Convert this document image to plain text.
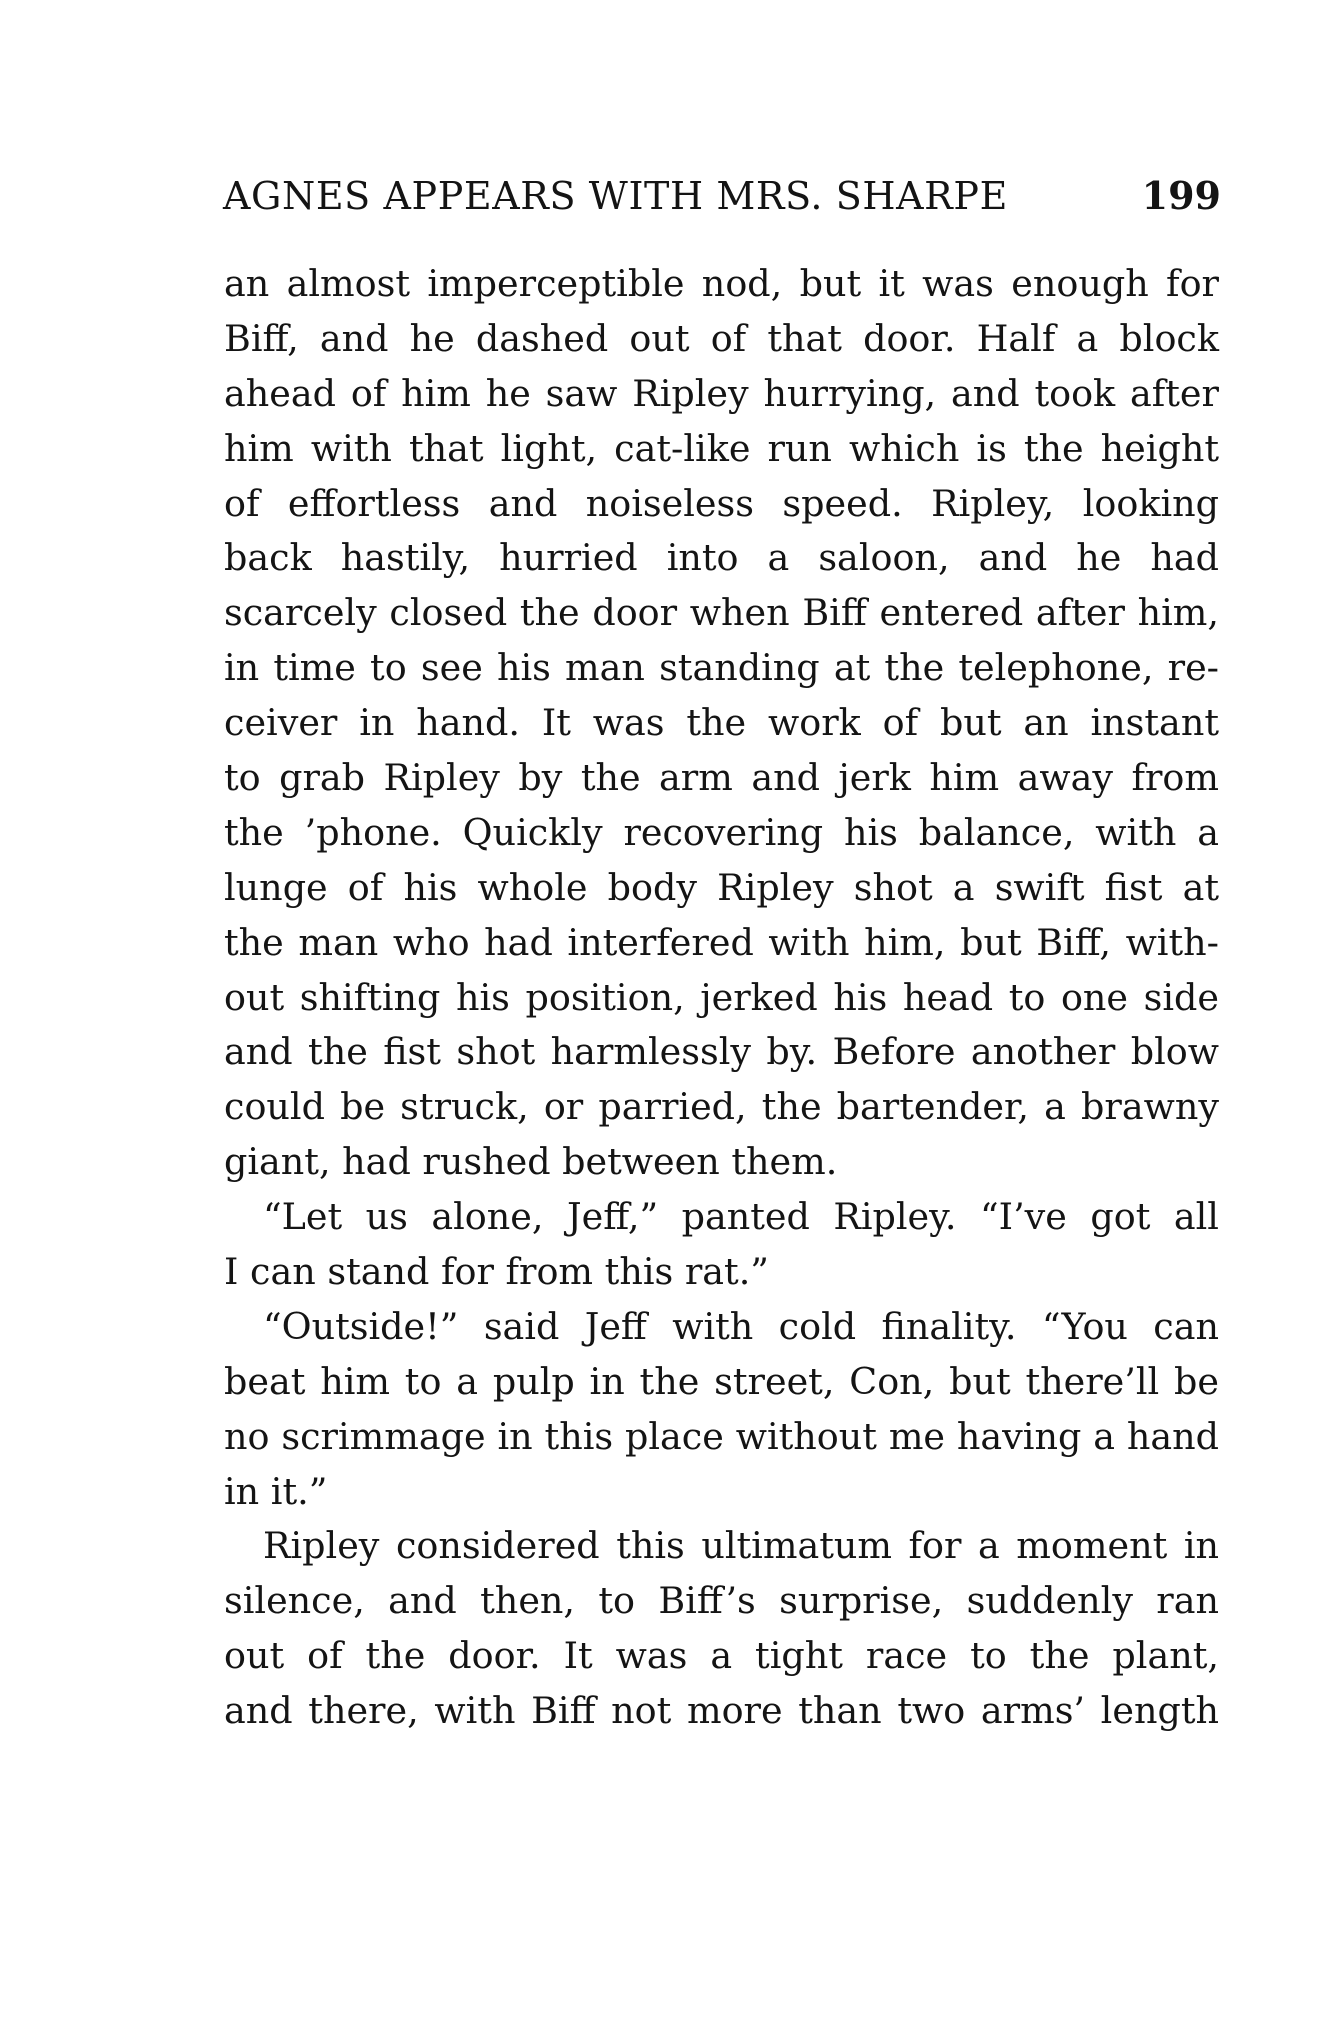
AGNES APPEARS WITH MRS. SHARPE	199
an almost imperceptible nod, but it was enough for
Biff, and he dashed out of that door. Half a block
ahead of him he saw Ripley hurrying, and took after
him with that light, cat-like run which is the height
of effortless and noiseless speed. Ripley, looking
back hastily, hurried into a saloon, and he had
scarcely closed the door when Biff entered after him,
in time to see his man standing at the telephone, re-
ceiver in hand. It was the work of but an instant
to grab Ripley by the arm and jerk him away from
the ’phone. Quickly recovering his balance, with a
lunge of his whole body Ripley shot a swift fist at
the man who had interfered with him, but Biff, with-
out shifting his position, jerked his head to one side
and the fist shot harmlessly by. Before another blow
could be struck, or parried, the bartender, a brawny
giant, had rushed between them.
“Let us alone, Jeff,” panted Ripley. “I’ve got all
I can stand for from this rat.”
“Outside!” said Jeff with cold finality. “You can
beat him to a pulp in the street, Con, but there’ll be
no scrimmage in this place without me having a hand
in it.”
Ripley considered this ultimatum for a moment in
silence, and then, to Biff’s surprise, suddenly ran
out of the door. It was a tight race to the plant,
and there, with Biff not more than two arms’ length
